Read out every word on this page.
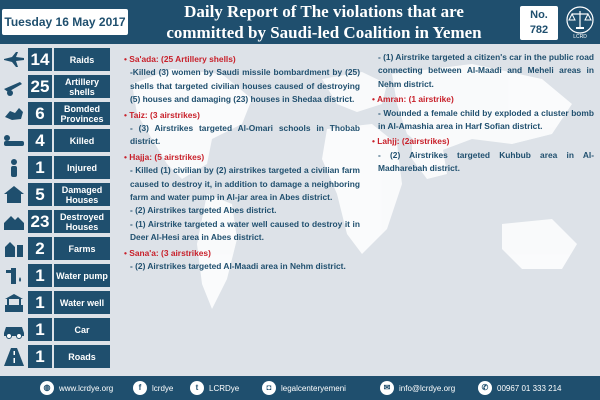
Tuesday 16 May 2017
Daily Report of The violations that are
committed by Saudi-led Coalition in Yemen
No.
782
LCRD
14	Raids
25	Artillery shells
6	Bomded Provinces
4	Killed
1	Injured
5	Damaged Houses
23	Destroyed Houses
2	Farms
1	Water pump
1	Water well
1	Car
1	Roads
• Sa'ada: (25 Artillery shells)
-Killed (3) women by Saudi missile bombardment by (25) shells that targeted civilian houses caused of destroying (5) houses and damaging (23) houses in Shedaa district.
• Taiz: (3 airstrikes)
- (3) Airstrikes targeted Al-Omari schools in Thobab district.
• Hajja: (5 airstrikes)
- Killed (1) civilian by (2) airstrikes targeted a civilian farm caused to destroy it, in addition to damage a neighboring farm and water pump in Al-jar area in Abes district.
- (2) Airstrikes targeted Abes district.
- (1) Airstrike targeted a water well caused to destroy it in Deer Al-Hesi area in Abes district.
• Sana'a: (3 airstrikes)
- (2) Airstrikes targeted Al-Maadi area in Nehm district.
- (1) Airstrike targeted a citizen's car in the public road connecting between Al-Maadi and Meheli areas in Nehm district.
• Amran: (1 airstrike)
- Wounded a female child by exploded a cluster bomb in Al-Amashia area in Harf Sofian district.
• Lahjj: (2airstrikes)
- (2) Airstrikes targeted Kuhbub area in Al-Madharebah district.
◍	www.lcrdye.org	f	lcrdye	t	LCRDye	◘	legalcenteryemeni	✉	info@lcrdye.org	✆	00967 01 333 214
